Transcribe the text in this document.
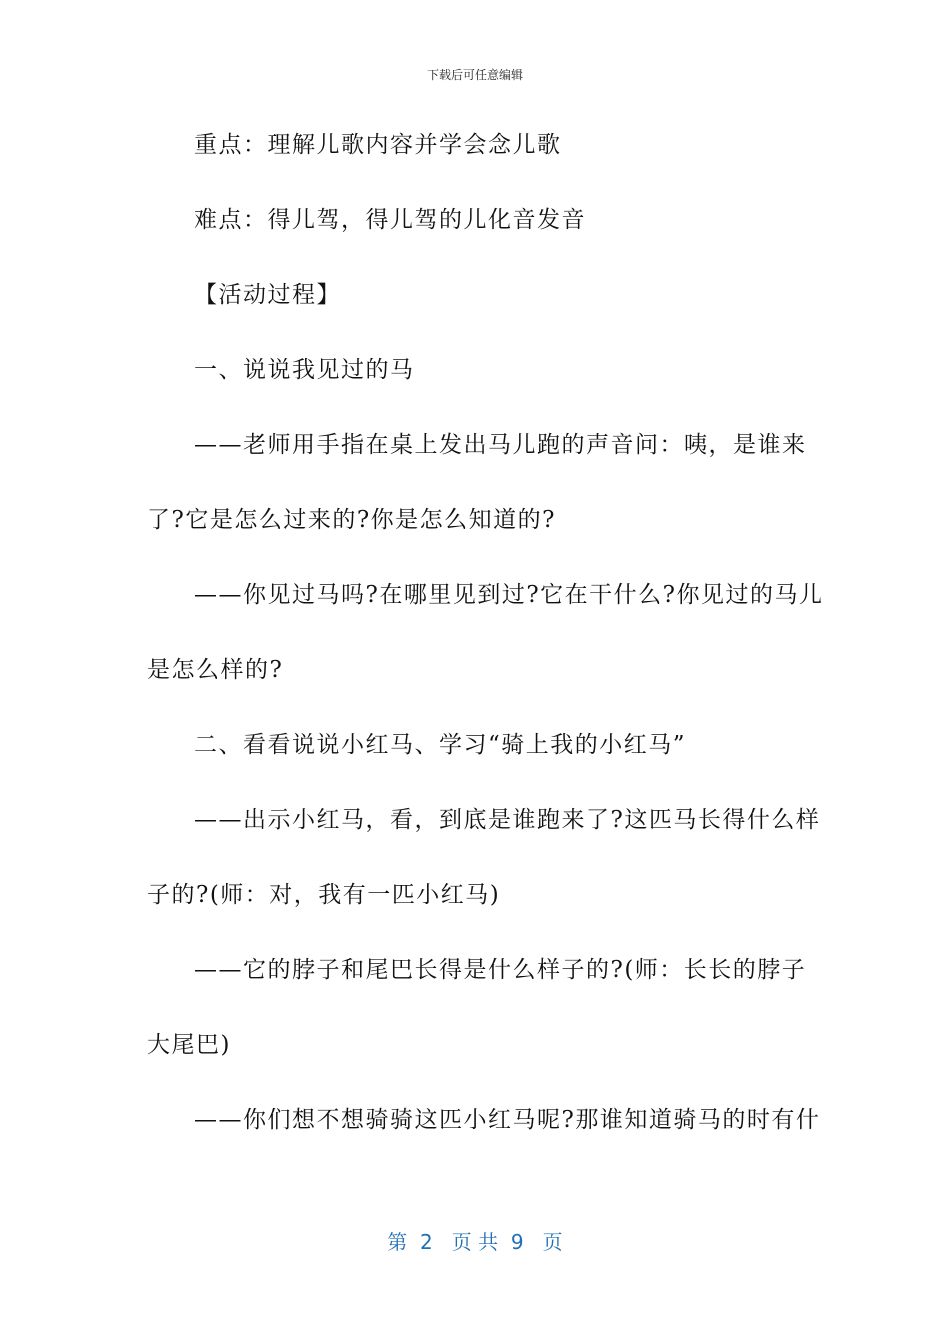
下载后可任意编辑
重点：理解儿歌内容并学会念儿歌
难点：得儿驾，得儿驾的儿化音发音
【活动过程】
一、说说我见过的马
——老师用手指在桌上发出马儿跑的声音问：咦，是谁来
了?它是怎么过来的?你是怎么知道的?
——你见过马吗?在哪里见到过?它在干什么?你见过的马儿
是怎么样的?
二、看看说说小红马、学习“骑上我的小红马”
——出示小红马，看，到底是谁跑来了?这匹马长得什么样
子的?(师：对，我有一匹小红马)
——它的脖子和尾巴长得是什么样子的?(师：长长的脖子
大尾巴)
——你们想不想骑骑这匹小红马呢?那谁知道骑马的时有什
第  2   页 共  9   页
